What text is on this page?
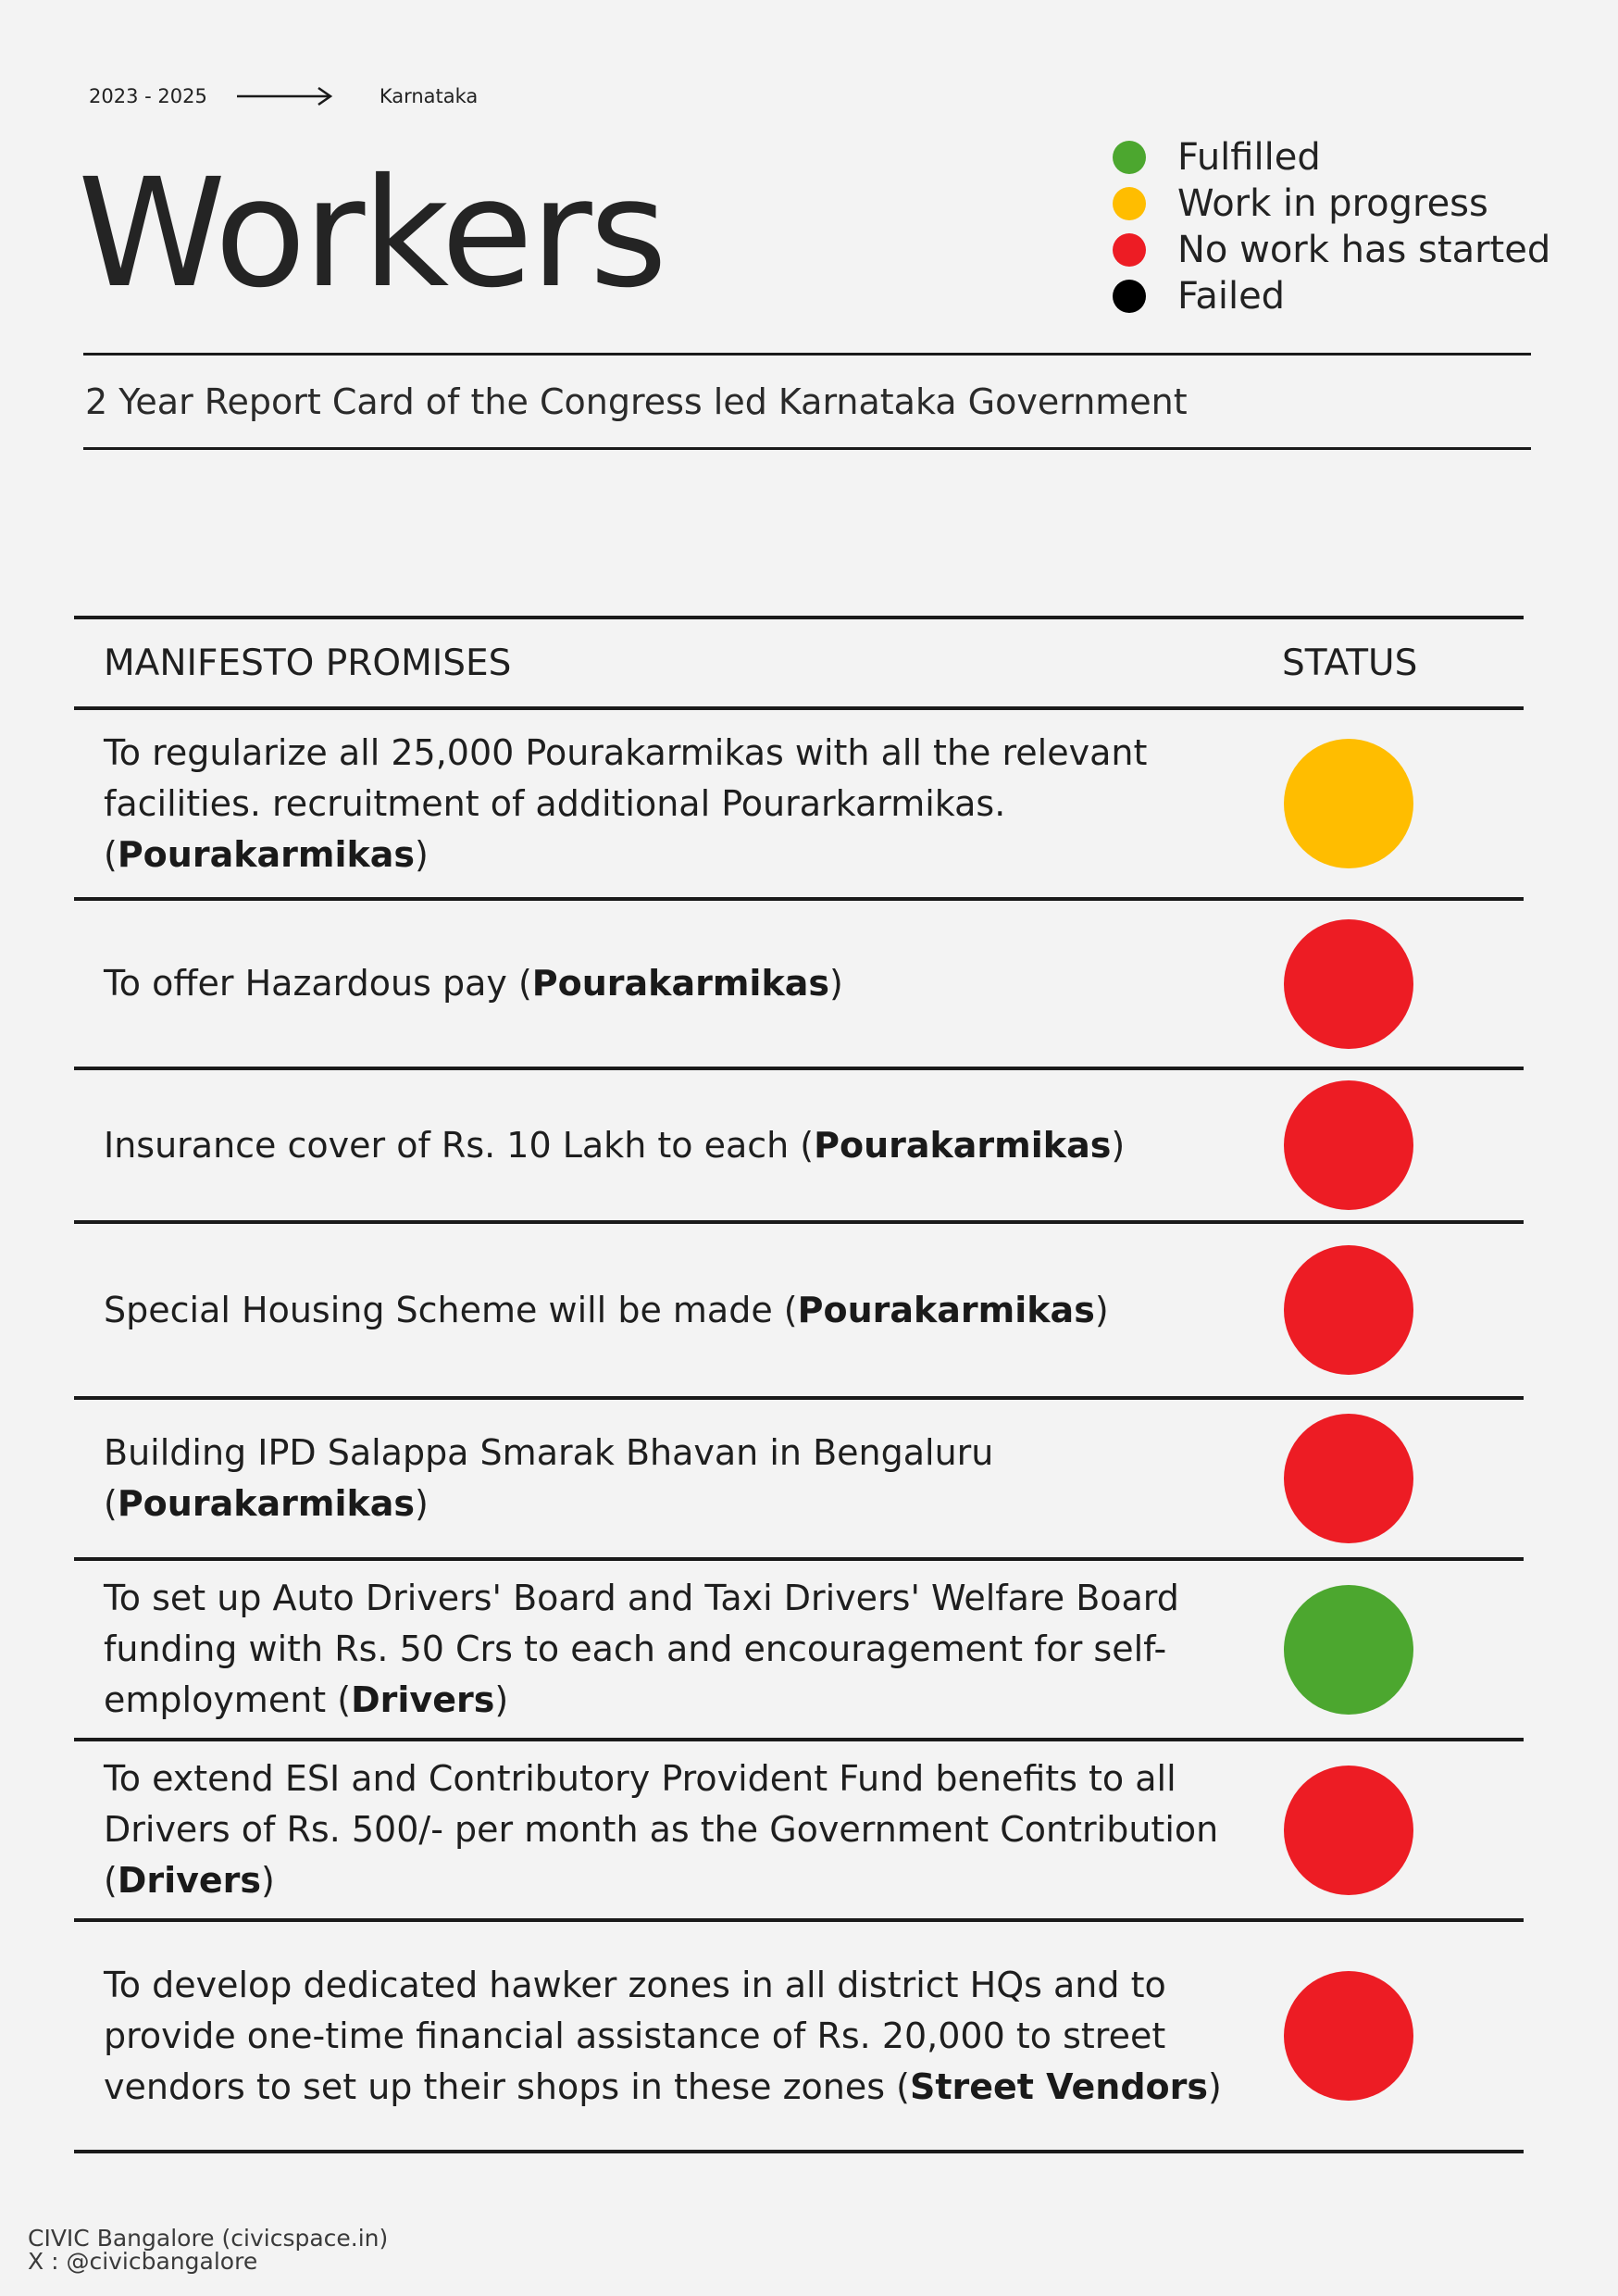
2023 - 2025	Karnataka
Workers	Fulfilled
Work in progress
No work has started
Failed
2 Year Report Card of the Congress led Karnataka Government
MANIFESTO PROMISES	STATUS
To regularize all 25,000 Pourakarmikas with all the relevant facilities. recruitment of additional Pourarkarmikas. (Pourakarmikas)
To offer Hazardous pay (Pourakarmikas)
Insurance cover of Rs. 10 Lakh to each (Pourakarmikas)
Special Housing Scheme will be made (Pourakarmikas)
Building IPD Salappa Smarak Bhavan in Bengaluru (Pourakarmikas)
To set up Auto Drivers' Board and Taxi Drivers' Welfare Board funding with Rs. 50 Crs to each and encouragement for self-employment (Drivers)
To extend ESI and Contributory Provident Fund benefits to all Drivers of Rs. 500/- per month as the Government Contribution (Drivers)
To develop dedicated hawker zones in all district HQs and to provide one-time financial assistance of Rs. 20,000 to street vendors to set up their shops in these zones (Street Vendors)
CIVIC Bangalore (civicspace.in)
X : @civicbangalore
